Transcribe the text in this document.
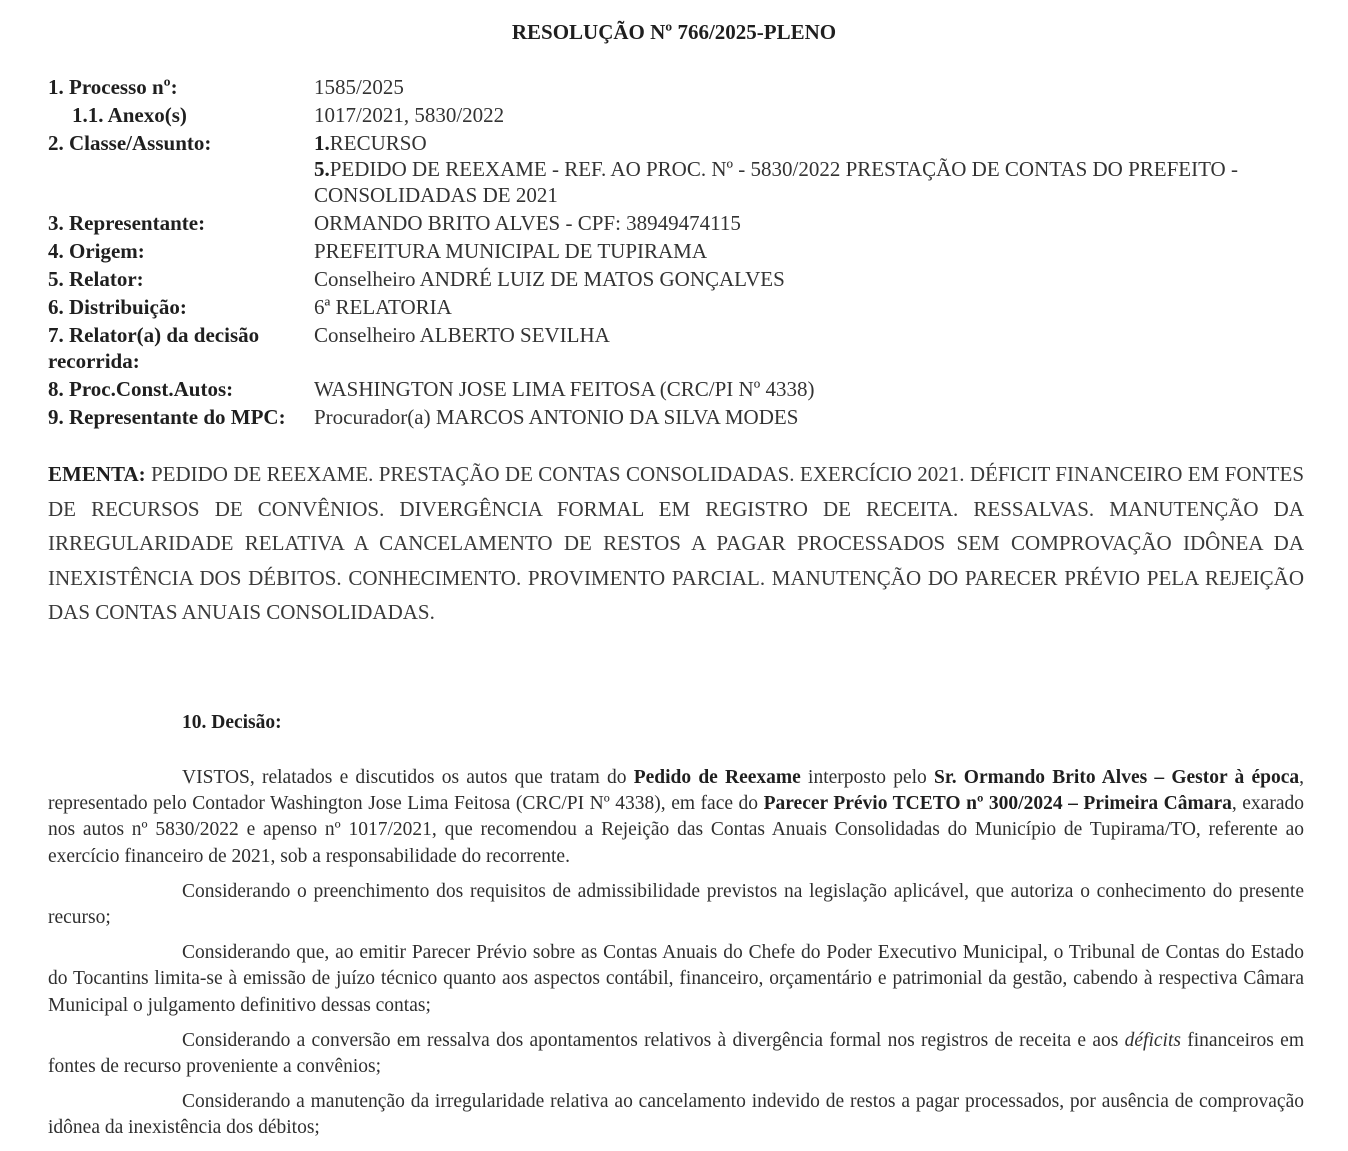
RESOLUÇÃO Nº 766/2025-PLENO
1. Processo nº:	1585/2025
1.1. Anexo(s)	1017/2021, 5830/2022
2. Classe/Assunto:	1.RECURSO
5.PEDIDO DE REEXAME - REF. AO PROC. Nº - 5830/2022 PRESTAÇÃO DE CONTAS DO PREFEITO - CONSOLIDADAS DE 2021
3. Representante:	ORMANDO BRITO ALVES - CPF: 38949474115
4. Origem:	PREFEITURA MUNICIPAL DE TUPIRAMA
5. Relator:	Conselheiro ANDRÉ LUIZ DE MATOS GONÇALVES
6. Distribuição:	6ª RELATORIA
7. Relator(a) da decisão recorrida:
Conselheiro ALBERTO SEVILHA
8. Proc.Const.Autos:	WASHINGTON JOSE LIMA FEITOSA (CRC/PI Nº 4338)
9. Representante do MPC:	Procurador(a) MARCOS ANTONIO DA SILVA MODES
EMENTA: PEDIDO DE REEXAME. PRESTAÇÃO DE CONTAS CONSOLIDADAS. EXERCÍCIO 2021. DÉFICIT FINANCEIRO EM FONTES DE RECURSOS DE CONVÊNIOS. DIVERGÊNCIA FORMAL EM REGISTRO DE RECEITA. RESSALVAS. MANUTENÇÃO DA IRREGULARIDADE RELATIVA A CANCELAMENTO DE RESTOS A PAGAR PROCESSADOS SEM COMPROVAÇÃO IDÔNEA DA INEXISTÊNCIA DOS DÉBITOS. CONHECIMENTO. PROVIMENTO PARCIAL. MANUTENÇÃO DO PARECER PRÉVIO PELA REJEIÇÃO DAS CONTAS ANUAIS CONSOLIDADAS.
10. Decisão:

VISTOS, relatados e discutidos os autos que tratam do Pedido de Reexame interposto pelo Sr. Ormando Brito Alves – Gestor à época, representado pelo Contador Washington Jose Lima Feitosa (CRC/PI Nº 4338), em face do Parecer Prévio TCETO nº 300/2024 – Primeira Câmara, exarado nos autos nº 5830/2022 e apenso nº 1017/2021, que recomendou a Rejeição das Contas Anuais Consolidadas do Município de Tupirama/TO, referente ao exercício financeiro de 2021, sob a responsabilidade do recorrente.

Considerando o preenchimento dos requisitos de admissibilidade previstos na legislação aplicável, que autoriza o conhecimento do presente recurso;

Considerando que, ao emitir Parecer Prévio sobre as Contas Anuais do Chefe do Poder Executivo Municipal, o Tribunal de Contas do Estado do Tocantins limita-se à emissão de juízo técnico quanto aos aspectos contábil, financeiro, orçamentário e patrimonial da gestão, cabendo à respectiva Câmara Municipal o julgamento definitivo dessas contas;

Considerando a conversão em ressalva dos apontamentos relativos à divergência formal nos registros de receita e aos déficits financeiros em fontes de recurso proveniente a convênios;

Considerando a manutenção da irregularidade relativa ao cancelamento indevido de restos a pagar processados, por ausência de comprovação idônea da inexistência dos débitos;
